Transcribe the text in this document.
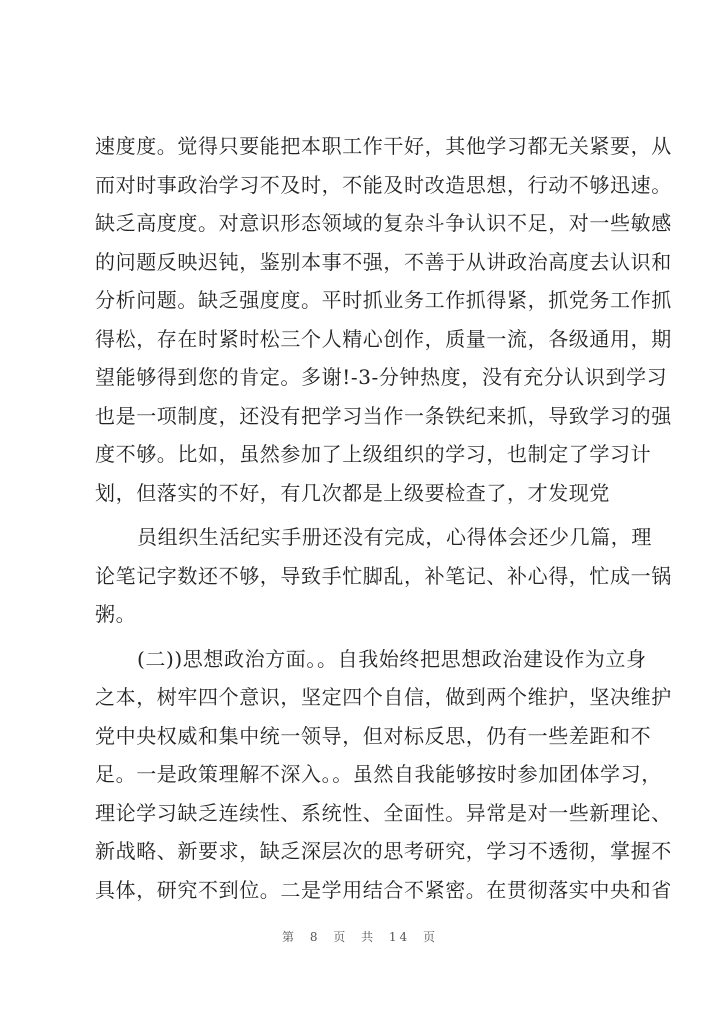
速度度。觉得只要能把本职工作干好，其他学习都无关紧要，从
而对时事政治学习不及时，不能及时改造思想，行动不够迅速。
缺乏高度度。对意识形态领域的复杂斗争认识不足，对一些敏感
的问题反映迟钝，鉴别本事不强，不善于从讲政治高度去认识和
分析问题。缺乏强度度。平时抓业务工作抓得紧，抓党务工作抓
得松，存在时紧时松三个人精心创作，质量一流，各级通用，期
望能够得到您的肯定。多谢!-3-分钟热度，没有充分认识到学习
也是一项制度，还没有把学习当作一条铁纪来抓，导致学习的强
度不够。比如，虽然参加了上级组织的学习，也制定了学习计
划，但落实的不好，有几次都是上级要检查了，才发现党
员组织生活纪实手册还没有完成，心得体会还少几篇，理
论笔记字数还不够，导致手忙脚乱，补笔记、补心得，忙成一锅
粥。
(二))思想政治方面。。自我始终把思想政治建设作为立身
之本，树牢四个意识，坚定四个自信，做到两个维护，坚决维护
党中央权威和集中统一领导，但对标反思，仍有一些差距和不
足。一是政策理解不深入。。虽然自我能够按时参加团体学习，
理论学习缺乏连续性、系统性、全面性。异常是对一些新理论、
新战略、新要求，缺乏深层次的思考研究，学习不透彻，掌握不
具体，研究不到位。二是学用结合不紧密。在贯彻落实中央和省
第 8 页 共 14 页
